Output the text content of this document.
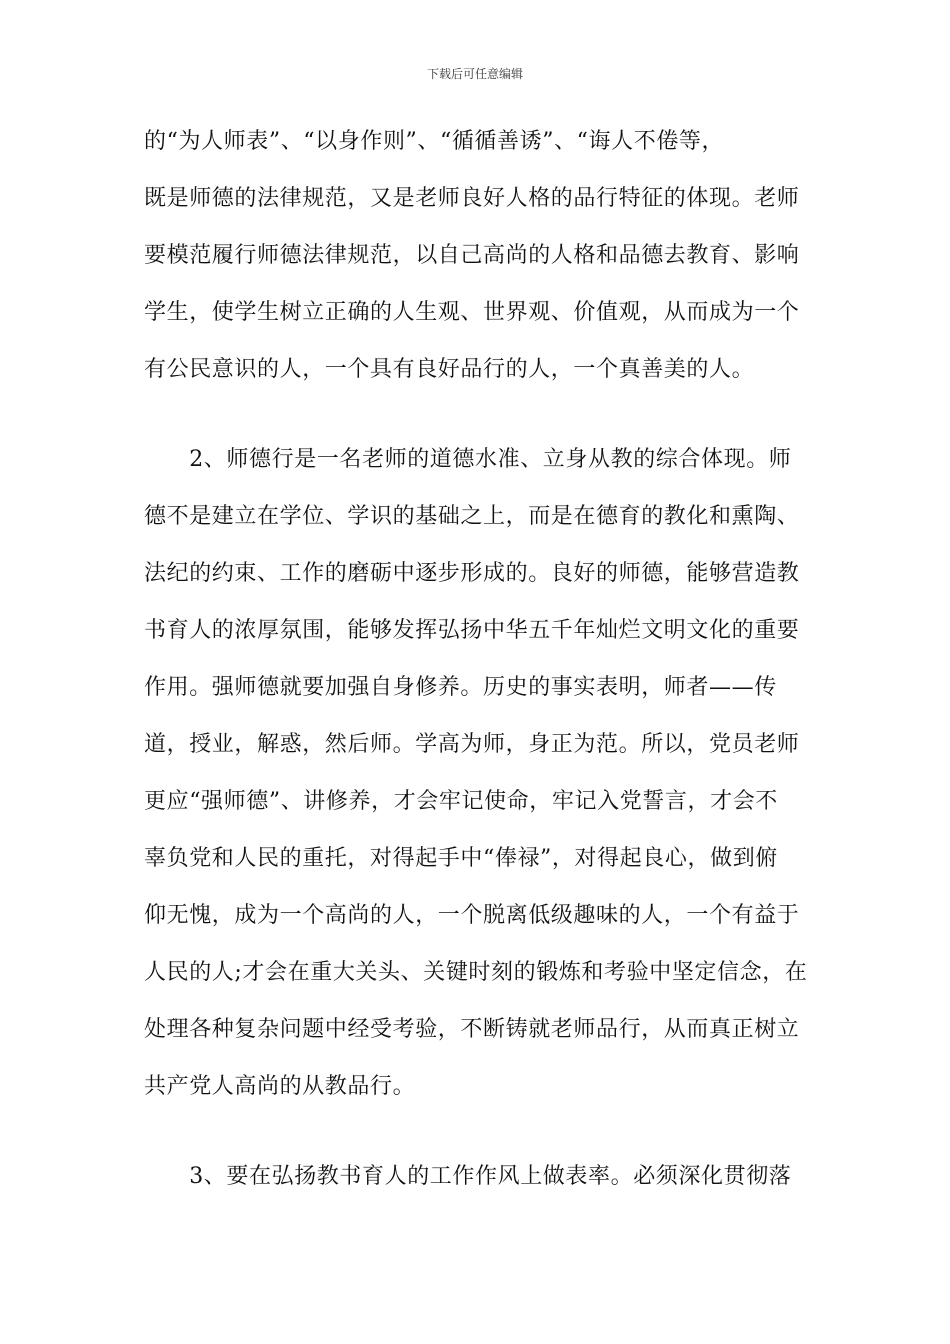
下载后可任意编辑
的“为人师表”、“以身作则”、“循循善诱”、“诲人不倦等，
既是师德的法律规范，又是老师良好人格的品行特征的体现。老师
要模范履行师德法律规范，以自己高尚的人格和品德去教育、影响
学生，使学生树立正确的人生观、世界观、价值观，从而成为一个
有公民意识的人，一个具有良好品行的人，一个真善美的人。
　　2、师德行是一名老师的道德水准、立身从教的综合体现。师
德不是建立在学位、学识的基础之上，而是在德育的教化和熏陶、
法纪的约束、工作的磨砺中逐步形成的。良好的师德，能够营造教
书育人的浓厚氛围，能够发挥弘扬中华五千年灿烂文明文化的重要
作用。强师德就要加强自身修养。历史的事实表明，师者——传
道，授业，解惑，然后师。学高为师，身正为范。所以，党员老师
更应“强师德”、讲修养，才会牢记使命，牢记入党誓言，才会不
辜负党和人民的重托，对得起手中“俸禄”，对得起良心，做到俯
仰无愧，成为一个高尚的人，一个脱离低级趣味的人，一个有益于
人民的人;才会在重大关头、关键时刻的锻炼和考验中坚定信念，在
处理各种复杂问题中经受考验，不断铸就老师品行，从而真正树立
共产党人高尚的从教品行。
　　3、要在弘扬教书育人的工作作风上做表率。必须深化贯彻落
